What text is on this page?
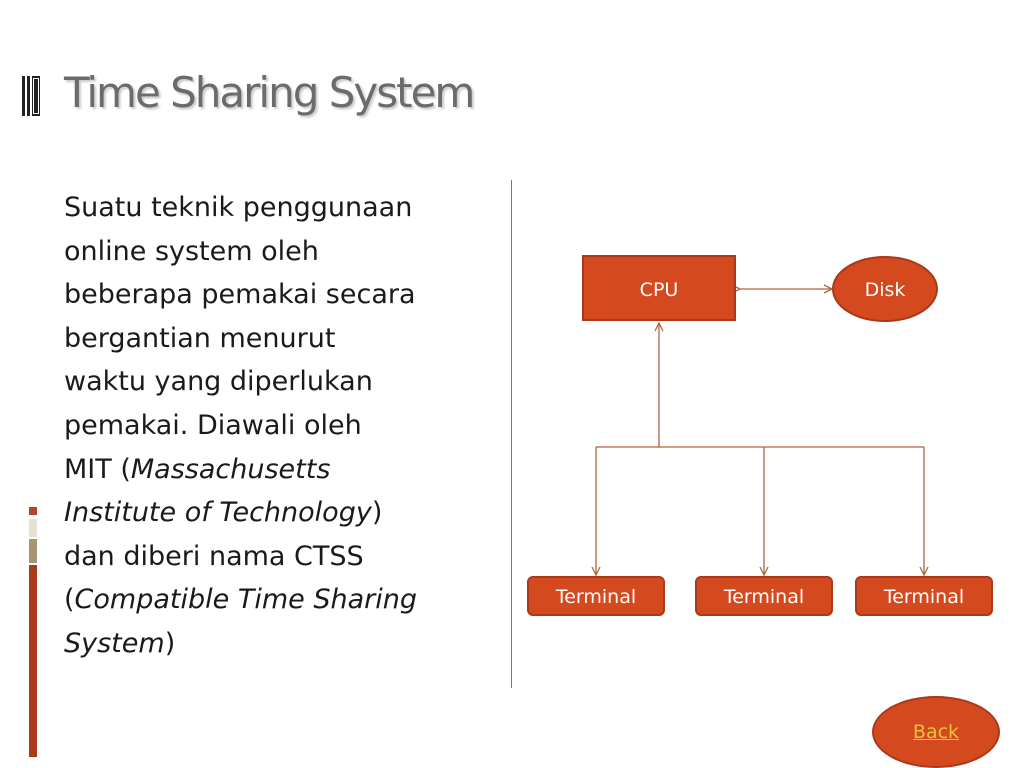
Time Sharing System

Suatu teknik penggunaan

online system oleh

beberapa pemakai secara

bergantian menurut

waktu yang diperlukan

pemakai. Diawali oleh

MIT (Massachusetts

Institute of Technology)

dan diberi nama CTSS

(Compatible Time Sharing

System)

CPU	Disk
Terminal	Terminal	Terminal
Back
